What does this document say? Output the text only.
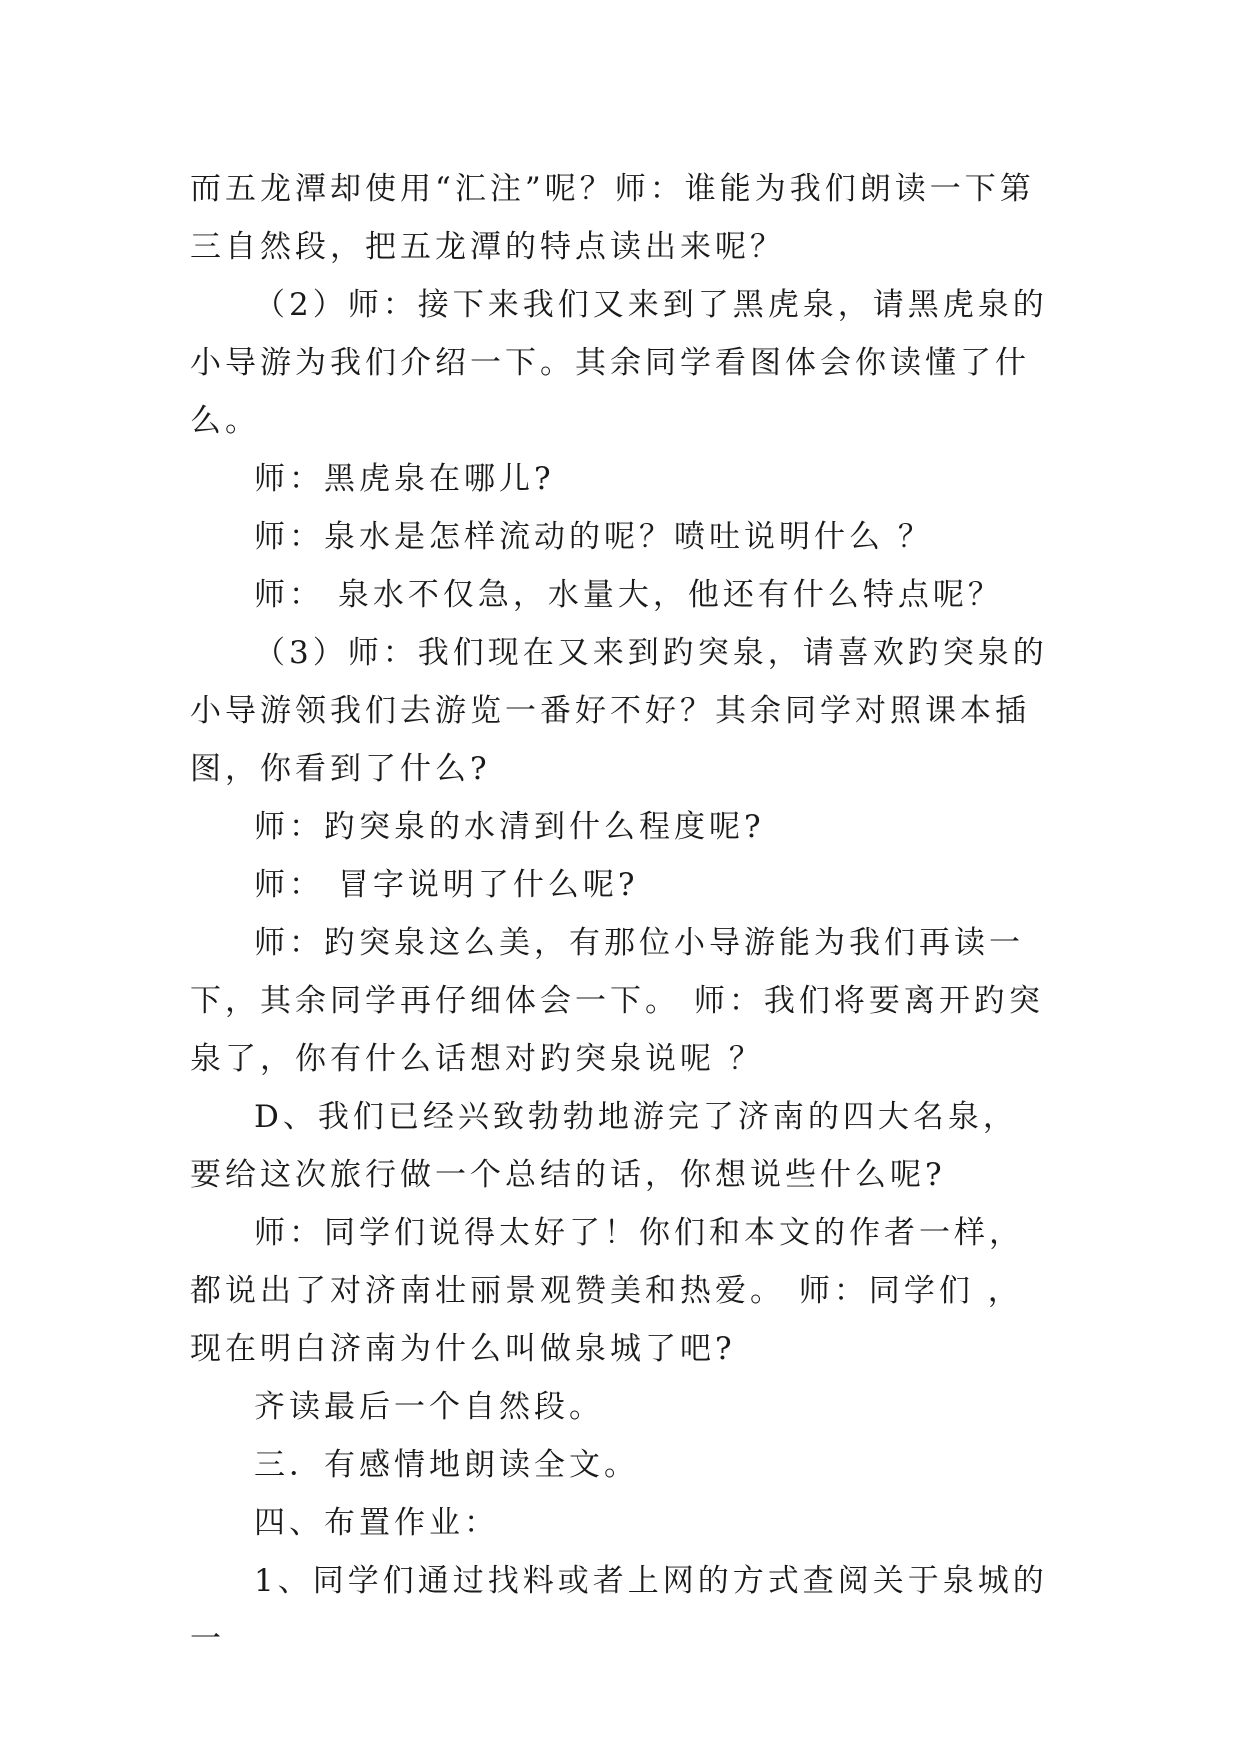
而五龙潭却使用“汇注”呢？师：谁能为我们朗读一下第三自然段，把五龙潭的特点读出来呢？

（2）师：接下来我们又来到了黑虎泉，请黑虎泉的小导游为我们介绍一下。其余同学看图体会你读懂了什么。

师：黑虎泉在哪儿?

师：泉水是怎样流动的呢？喷吐说明什么 ？

师： 泉水不仅急，水量大，他还有什么特点呢？

（3）师：我们现在又来到趵突泉，请喜欢趵突泉的小导游领我们去游览一番好不好？其余同学对照课本插图，你看到了什么?

师：趵突泉的水清到什么程度呢?

师： 冒字说明了什么呢?

师：趵突泉这么美，有那位小导游能为我们再读一下，其余同学再仔细体会一下。 师：我们将要离开趵突泉了，你有什么话想对趵突泉说呢 ？

D、我们已经兴致勃勃地游完了济南的四大名泉，要给这次旅行做一个总结的话，你想说些什么呢?

师：同学们说得太好了！你们和本文的作者一样，都说出了对济南壮丽景观赞美和热爱。 师：同学们 ，现在明白济南为什么叫做泉城了吧?

齐读最后一个自然段。

三．有感情地朗读全文。

四、布置作业：

1、同学们通过找料或者上网的方式查阅关于泉城的一
